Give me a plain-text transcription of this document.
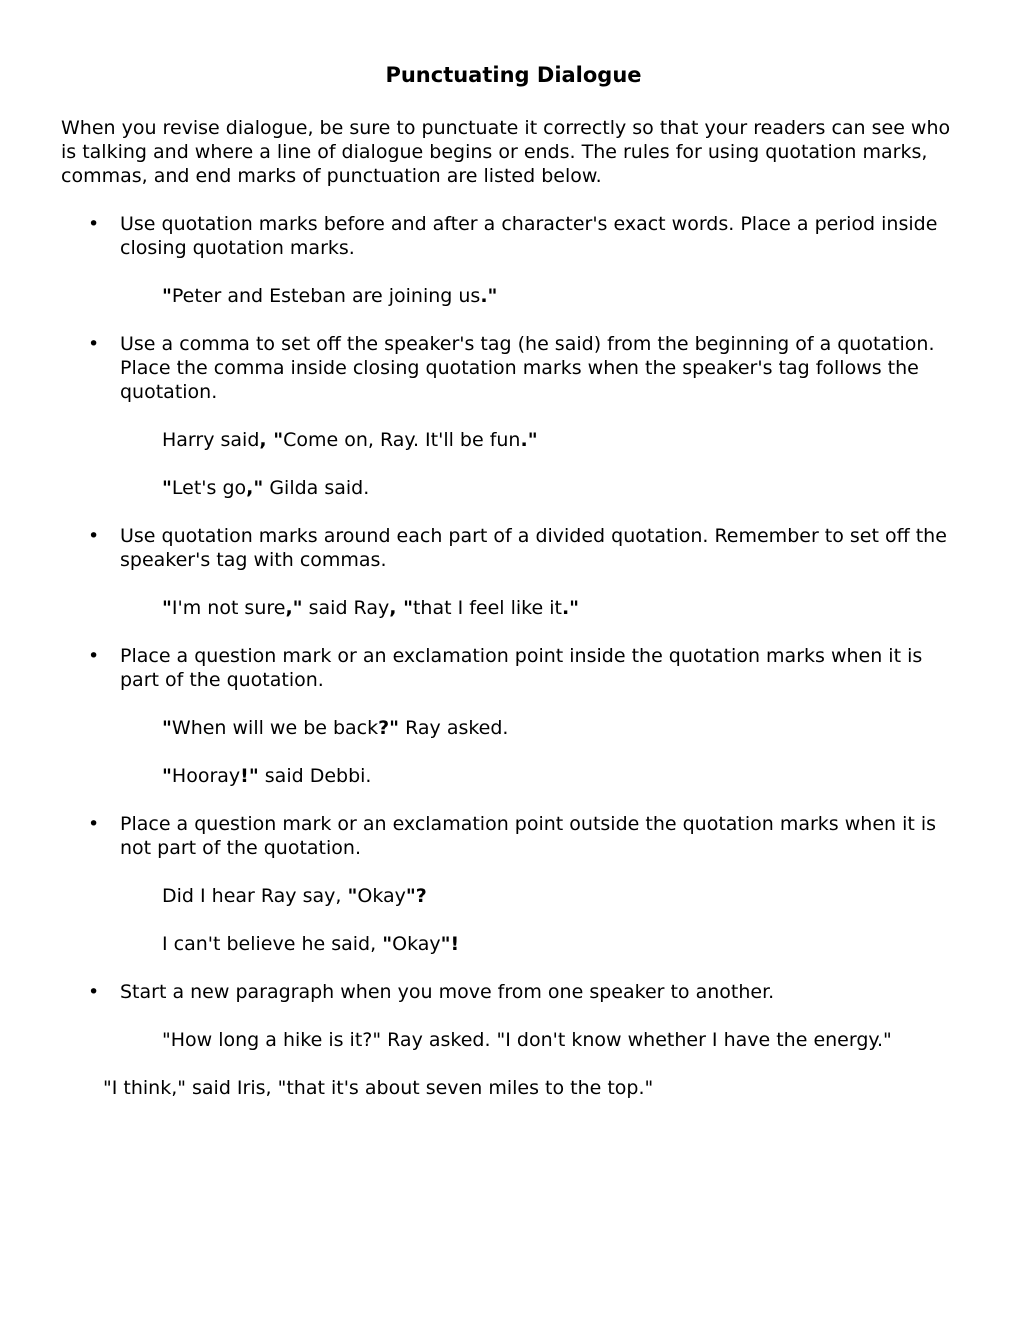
Punctuating Dialogue

When you revise dialogue, be sure to punctuate it correctly so that your readers can see who is talking and where a line of dialogue begins or ends. The rules for using quotation marks, commas, and end marks of punctuation are listed below.

• Use quotation marks before and after a character's exact words. Place a period inside closing quotation marks.

"Peter and Esteban are joining us."

• Use a comma to set off the speaker's tag (he said) from the beginning of a quotation. Place the comma inside closing quotation marks when the speaker's tag follows the quotation.

Harry said, "Come on, Ray. It'll be fun."

"Let's go," Gilda said.

• Use quotation marks around each part of a divided quotation. Remember to set off the speaker's tag with commas.

"I'm not sure," said Ray, "that I feel like it."

• Place a question mark or an exclamation point inside the quotation marks when it is part of the quotation.

"When will we be back?" Ray asked.

"Hooray!" said Debbi.

• Place a question mark or an exclamation point outside the quotation marks when it is not part of the quotation.

Did I hear Ray say, "Okay"?

I can't believe he said, "Okay"!

• Start a new paragraph when you move from one speaker to another.

"How long a hike is it?" Ray asked. "I don't know whether I have the energy."

"I think," said Iris, "that it's about seven miles to the top."
